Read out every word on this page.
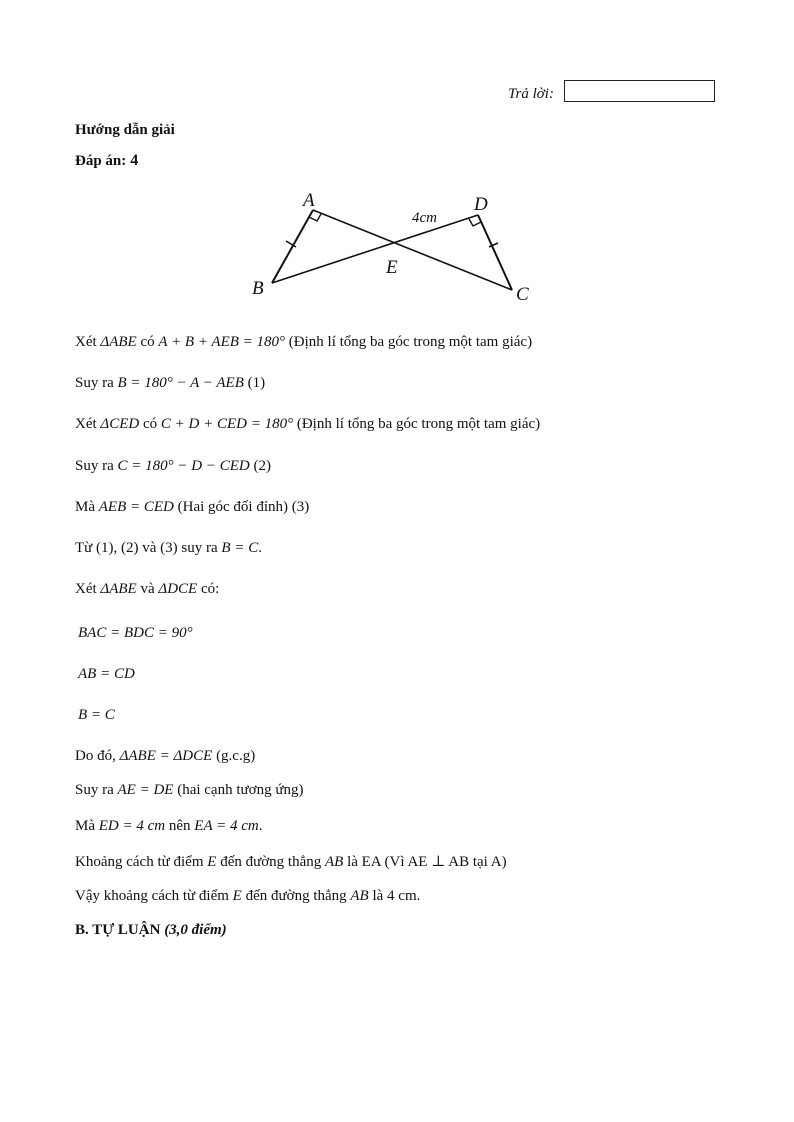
Trả lời:
Hướng dẫn giải
Đáp án: 4
A	D
B	C
E
4cm
Xét ΔABE có A + B + AEB = 180° (Định lí tổng ba góc trong một tam giác)
Suy ra B = 180° − A − AEB (1)
Xét ΔCED có C + D + CED = 180° (Định lí tổng ba góc trong một tam giác)
Suy ra C = 180° − D − CED (2)
Mà AEB = CED (Hai góc đối đỉnh) (3)
Từ (1), (2) và (3) suy ra B = C.
Xét ΔABE và ΔDCE có:
BAC = BDC = 90°
AB = CD
B = C
Do đó, ΔABE = ΔDCE (g.c.g)
Suy ra AE = DE (hai cạnh tương ứng)
Mà ED = 4 cm nên EA = 4 cm.
Khoảng cách từ điểm E đến đường thẳng AB là EA (Vì AE ⊥ AB tại A)
Vậy khoảng cách từ điểm E đến đường thẳng AB là 4 cm.
B. TỰ LUẬN (3,0 điểm)
